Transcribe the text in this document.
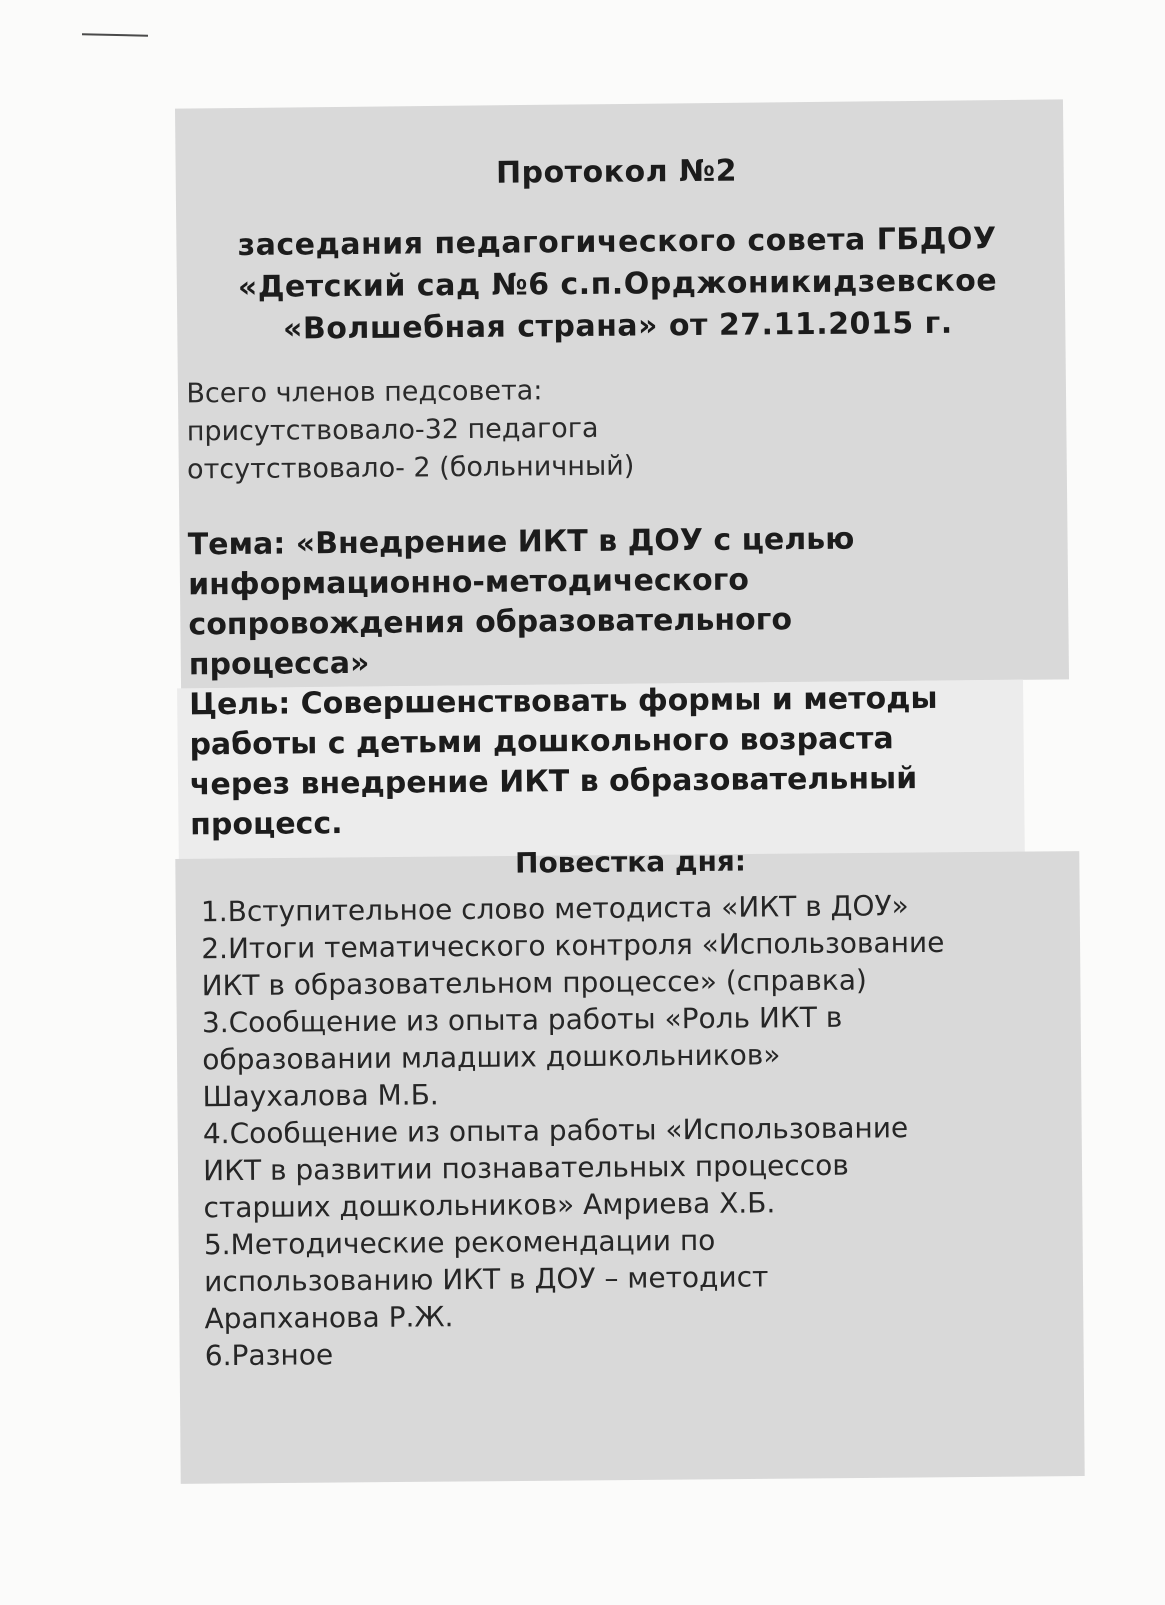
Протокол №2
заседания педагогического совета ГБДОУ
«Детский сад №6 с.п.Орджоникидзевское
«Волшебная страна» от 27.11.2015 г.
Всего членов педсовета:
присутствовало-32 педагога
отсутствовало- 2 (больничный)
Тема: «Внедрение ИКТ в ДОУ с целью
информационно-методического
сопровождения образовательного
процесса»
Цель: Совершенствовать формы и методы
работы с детьми дошкольного возраста
через внедрение ИКТ в образовательный
процесс.
Повестка дня:
1.Вступительное слово методиста «ИКТ в ДОУ»
2.Итоги тематического контроля «Использование
ИКТ в образовательном процессе» (справка)
3.Сообщение из опыта работы «Роль ИКТ в
образовании младших дошкольников»
Шаухалова М.Б.
4.Сообщение из опыта работы «Использование
ИКТ в развитии познавательных процессов
старших дошкольников» Амриева Х.Б.
5.Методические рекомендации по
использованию ИКТ в ДОУ – методист
Арапханова Р.Ж.
6.Разное
